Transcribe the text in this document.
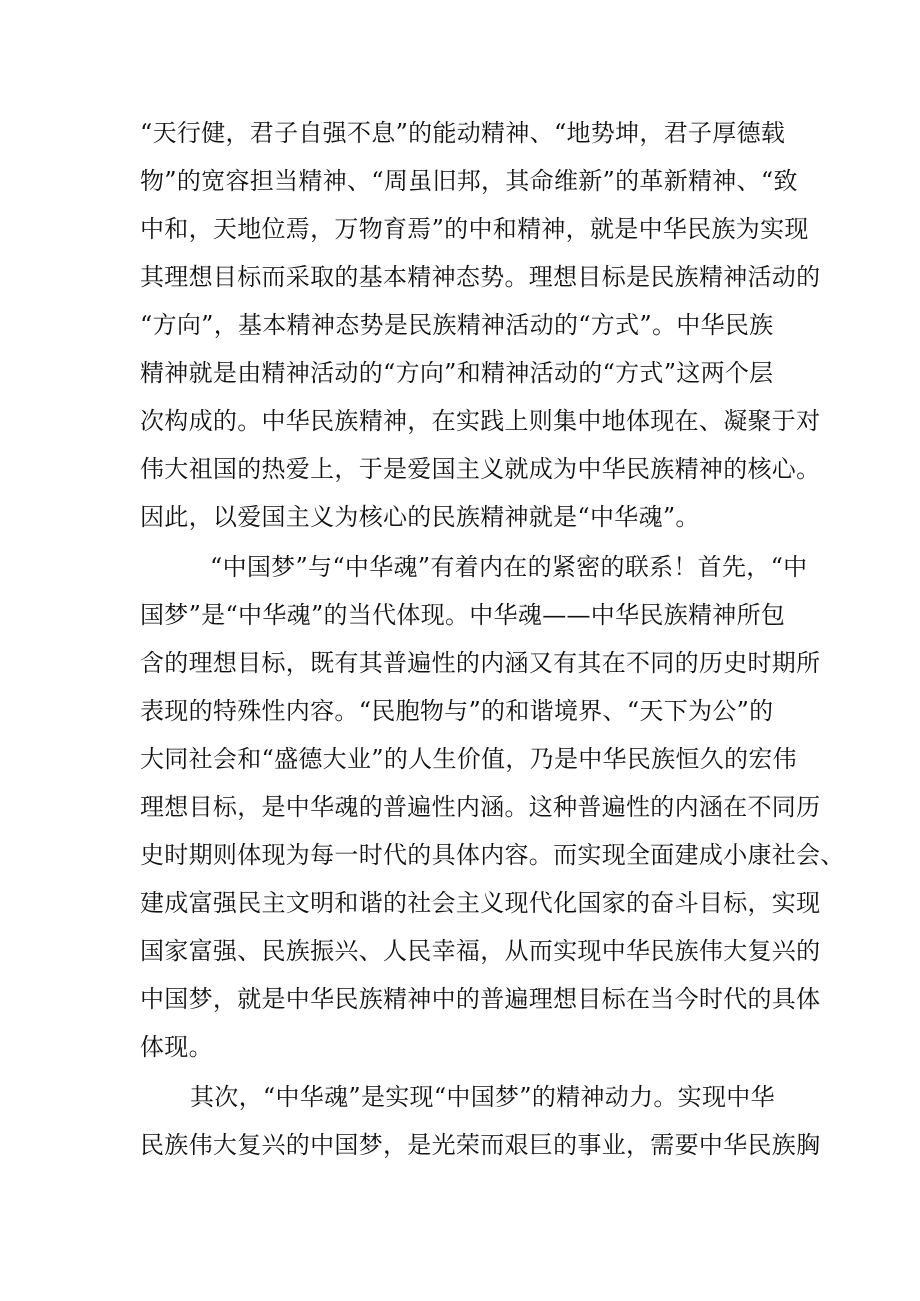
“天行健，君子自强不息”的能动精神、“地势坤，君子厚德载
物”的宽容担当精神、“周虽旧邦，其命维新”的革新精神、“致
中和，天地位焉，万物育焉”的中和精神，就是中华民族为实现
其理想目标而采取的基本精神态势。理想目标是民族精神活动的
“方向”，基本精神态势是民族精神活动的“方式”。中华民族
精神就是由精神活动的“方向”和精神活动的“方式”这两个层
次构成的。中华民族精神，在实践上则集中地体现在、凝聚于对
伟大祖国的热爱上，于是爱国主义就成为中华民族精神的核心。
因此，以爱国主义为核心的民族精神就是“中华魂”。
“中国梦”与“中华魂”有着内在的紧密的联系！首先，“中
国梦”是“中华魂”的当代体现。中华魂——中华民族精神所包
含的理想目标，既有其普遍性的内涵又有其在不同的历史时期所
表现的特殊性内容。“民胞物与”的和谐境界、“天下为公”的
大同社会和“盛德大业”的人生价值，乃是中华民族恒久的宏伟
理想目标，是中华魂的普遍性内涵。这种普遍性的内涵在不同历
史时期则体现为每一时代的具体内容。而实现全面建成小康社会、
建成富强民主文明和谐的社会主义现代化国家的奋斗目标，实现
国家富强、民族振兴、人民幸福，从而实现中华民族伟大复兴的
中国梦，就是中华民族精神中的普遍理想目标在当今时代的具体
体现。
其次，“中华魂”是实现“中国梦”的精神动力。实现中华
民族伟大复兴的中国梦，是光荣而艰巨的事业，需要中华民族胸
